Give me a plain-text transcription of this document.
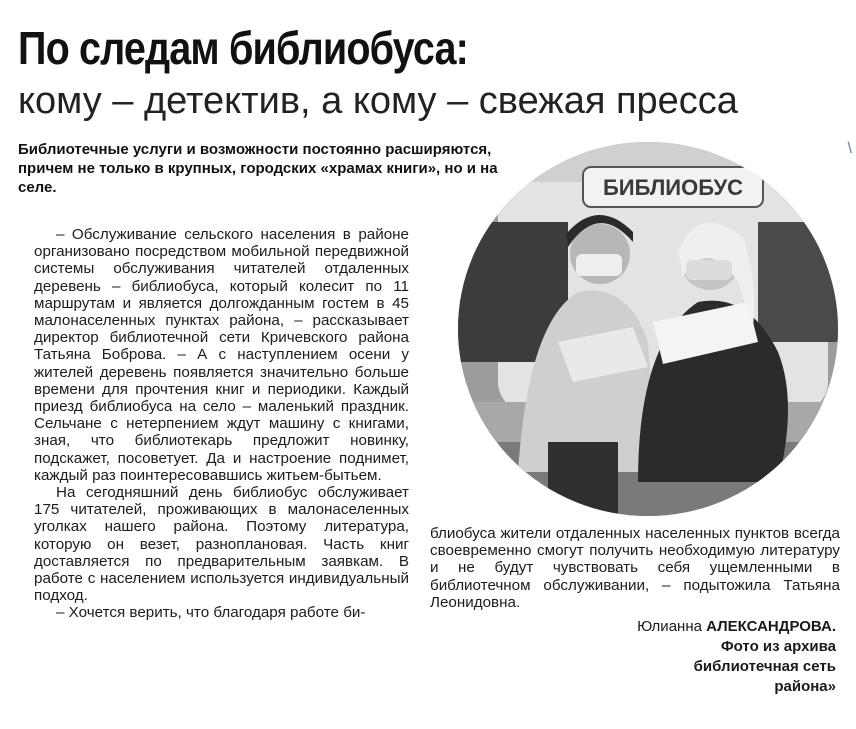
По следам библиобуса:
кому – детектив, а кому – свежая пресса

Библиотечные услуги и возможности постоянно расширяются, причем не только в крупных, городских «храмах книги», но и на селе.

– Обслуживание сельского населения в районе организовано посредством мобильной передвижной системы обслуживания читателей отдаленных деревень – библиобуса, который колесит по 11 маршрутам и является долгожданным гостем в 45 малонаселенных пунктах района, – рассказывает директор библиотечной сети Кричевского района Татьяна Боброва. – А с наступлением осени у жителей деревень появляется значительно больше времени для прочтения книг и периодики. Каждый приезд библиобуса на село – маленький праздник. Сельчане с нетерпением ждут машину с книгами, зная, что библиотекарь предложит новинку, подскажет, посоветует. Да и настроение поднимет, каждый раз поинтересовавшись житьем-бытьем.

На сегодняшний день библиобус обслуживает 175 читателей, проживающих в малонаселенных уголках нашего района. Поэтому литература, которую он везет, разноплановая. Часть книг доставляется по предварительным заявкам. В работе с населением используется индивидуальный подход.

– Хочется верить, что благодаря работе би-

БИБЛИОБУС

блиобуса жители отдаленных населенных пунктов всегда своевременно смогут получить необходимую литературу и не будут чувствовать себя ущемленными в библиотечном обслуживании, – подытожила Татьяна Леонидовна.

Юлианна АЛЕКСАНДРОВА.
Фото из архива
библиотечная сеть
района»
\
